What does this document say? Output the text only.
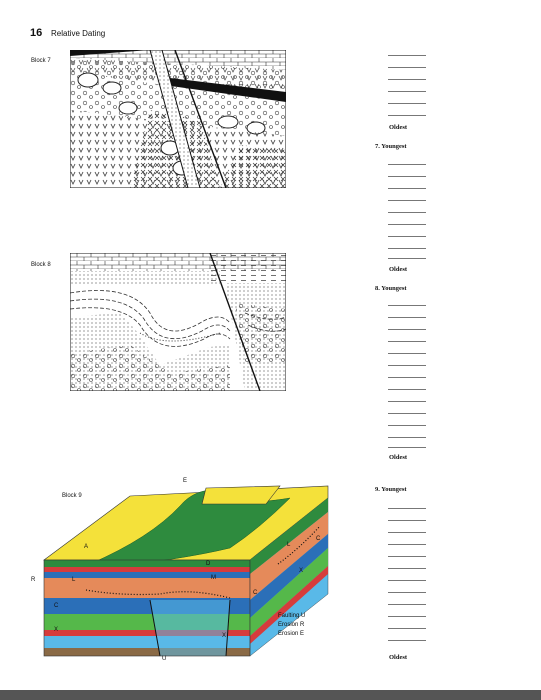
16 Relative Dating
Block 7
Block 8
Block 9
A
L
C
X
R
E
D
M
U
C
X
L
C
X
Faulting U
Erosion R
Erosion E
Oldest
7. Youngest
Oldest
8. Youngest
Oldest
9. Youngest
Oldest
